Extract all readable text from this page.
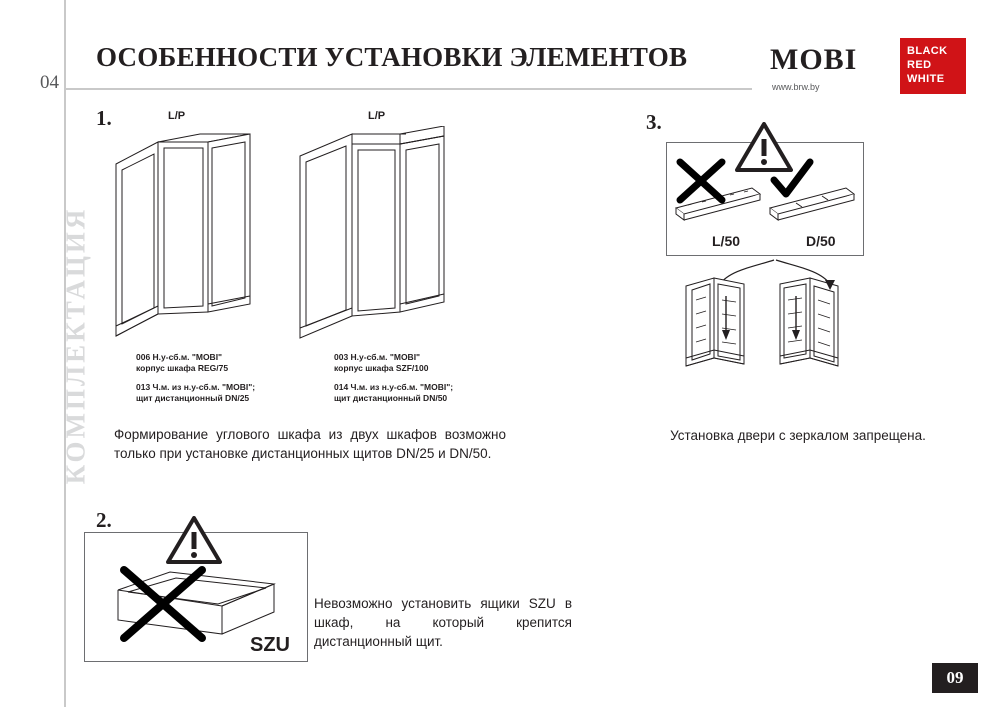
04
КОМПЛЕКТАЦИЯ
ОСОБЕННОСТИ УСТАНОВКИ ЭЛЕМЕНТОВ	MOBI
www.brw.by
BLACK
RED
WHITE
1.	L/P	L/P
006 Н.у-сб.м. "MOBI"
корпус шкафа REG/75
013 Ч.м. из н.у-сб.м. "MOBI";
щит дистанционный DN/25
003 Н.у-сб.м. "MOBI"
корпус шкафа SZF/100
014 Ч.м. из н.у-сб.м. "MOBI";
щит дистанционный DN/50
Формирование углового шкафа из двух шкафов возможно только при установке дистанционных щитов DN/25 и DN/50.
2.
SZU
Невозможно установить ящики SZU в шкаф, на который крепится дистанционный щит.
3.
L/50	D/50
Установка двери с зеркалом запрещена.
09
